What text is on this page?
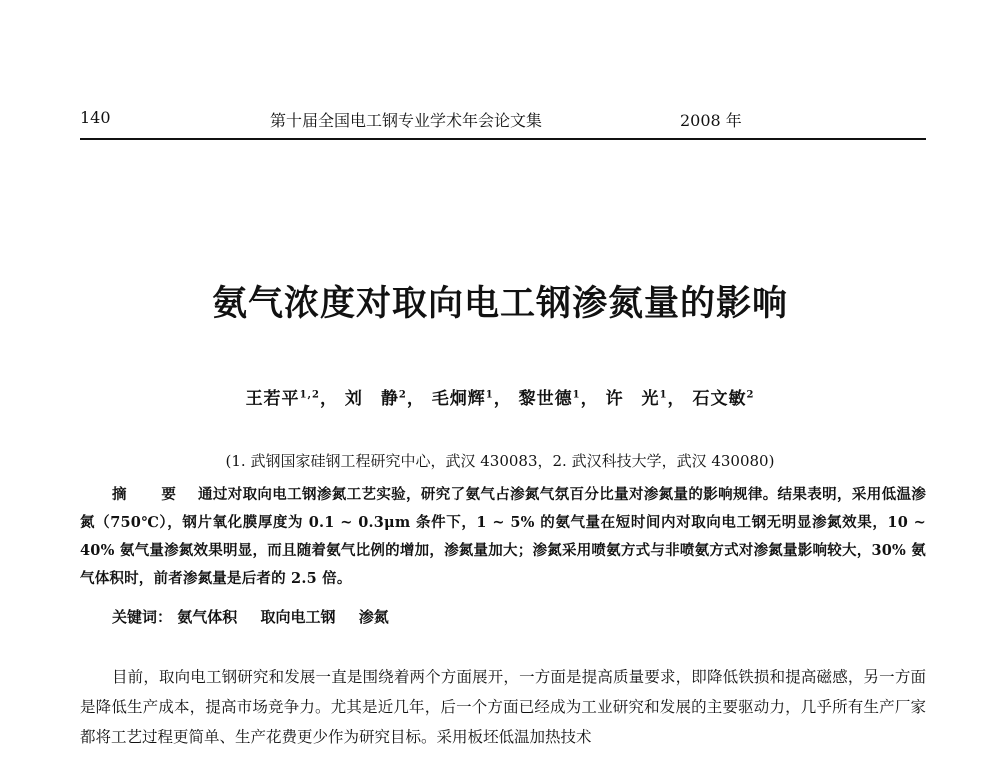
140	第十届全国电工钢专业学术年会论文集	2008 年
氨气浓度对取向电工钢渗氮量的影响
王若平$^{1,2}$， 刘　静$^2$， 毛炯辉$^1$， 黎世德$^1$， 许　光$^1$， 石文敏$^2$
(1. 武钢国家硅钢工程研究中心，武汉 430083，2. 武汉科技大学，武汉 430080)
摘　要 通过对取向电工钢渗氮工艺实验，研究了氨气占渗氮气氛百分比量对渗氮量的影响规律。结果表明，采用低温渗氮（750℃），钢片氧化膜厚度为 0.1 ~ 0.3μm 条件下，1 ~ 5% 的氨气量在短时间内对取向电工钢无明显渗氮效果，10 ~ 40% 氨气量渗氮效果明显，而且随着氨气比例的增加，渗氮量加大；渗氮采用喷氨方式与非喷氨方式对渗氮量影响较大，30% 氨气体积时，前者渗氮量是后者的 2.5 倍。
关键词： 氨气体积 取向电工钢 渗氮
目前，取向电工钢研究和发展一直是围绕着两个方面展开，一方面是提高质量要求，即降低铁损和提高磁感，另一方面是降低生产成本，提高市场竞争力。尤其是近几年，后一个方面已经成为工业研究和发展的主要驱动力，几乎所有生产厂家都将工艺过程更简单、生产花费更少作为研究目标。采用板坯低温加热技术
